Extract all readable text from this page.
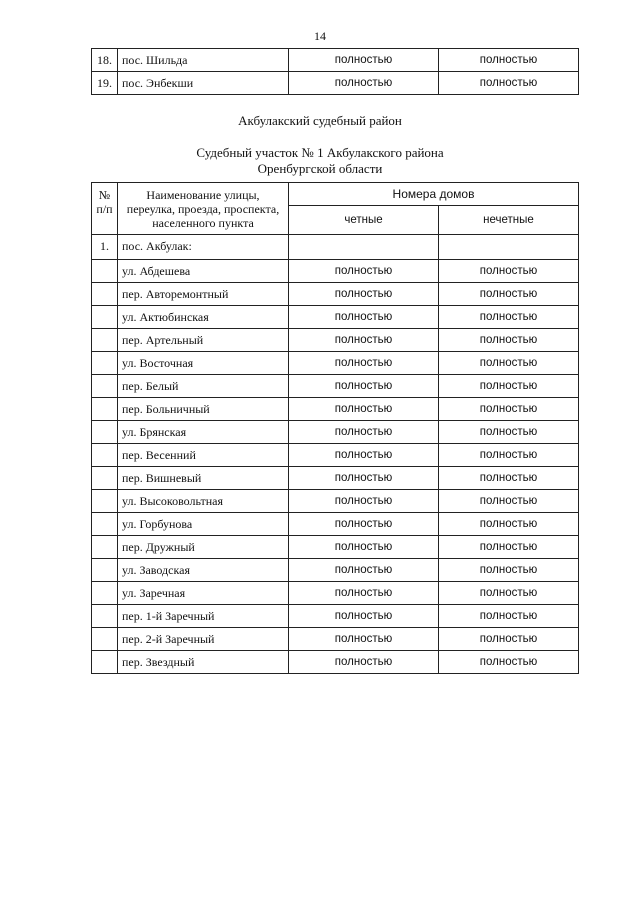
14
18.	пос. Шильда	полностью	полностью
19.	пос. Энбекши	полностью	полностью
Акбулакский судебный район
Судебный участок № 1 Акбулакского района
Оренбургской области
№ п/п	Наименование улицы, переулка, проезда, проспекта, населенного пункта	Номера домов	
		четные	нечетные
1.	пос. Акбулак:		
	ул. Абдешева	полностью	полностью
	пер. Авторемонтный	полностью	полностью
	ул. Актюбинская	полностью	полностью
	пер. Артельный	полностью	полностью
	ул. Восточная	полностью	полностью
	пер. Белый	полностью	полностью
	пер. Больничный	полностью	полностью
	ул. Брянская	полностью	полностью
	пер. Весенний	полностью	полностью
	пер. Вишневый	полностью	полностью
	ул. Высоковольтная	полностью	полностью
	ул. Горбунова	полностью	полностью
	пер. Дружный	полностью	полностью
	ул. Заводская	полностью	полностью
	ул. Заречная	полностью	полностью
	пер. 1-й Заречный	полностью	полностью
	пер. 2-й Заречный	полностью	полностью
	пер. Звездный	полностью	полностью
